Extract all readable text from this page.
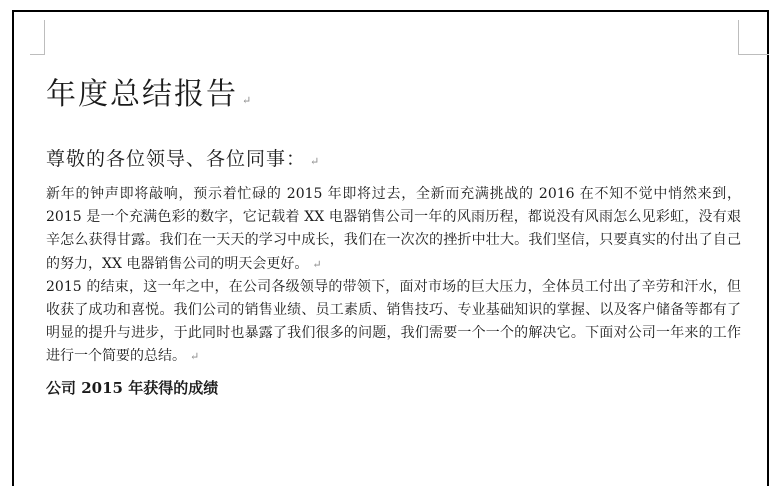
年度总结报告 ↵

尊敬的各位领导、各位同事： ↵

新年的钟声即将敲响，预示着忙碌的 2015 年即将过去，全新而充满挑战的 2016 在不知不觉中悄然来到，2015 是一个充满色彩的数字，它记载着 XX 电器销售公司一年的风雨历程，都说没有风雨怎么见彩虹，没有艰辛怎么获得甘露。我们在一天天的学习中成长，我们在一次次的挫折中壮大。我们坚信，只要真实的付出了自己的努力，XX 电器销售公司的明天会更好。 ↵

2015 的结束，这一年之中，在公司各级领导的带领下，面对市场的巨大压力，全体员工付出了辛劳和汗水，但收获了成功和喜悦。我们公司的销售业绩、员工素质、销售技巧、专业基础知识的掌握、以及客户储备等都有了明显的提升与进步，于此同时也暴露了我们很多的问题，我们需要一个一个的解决它。下面对公司一年来的工作进行一个简要的总结。 ↵

公司 2015 年获得的成绩
